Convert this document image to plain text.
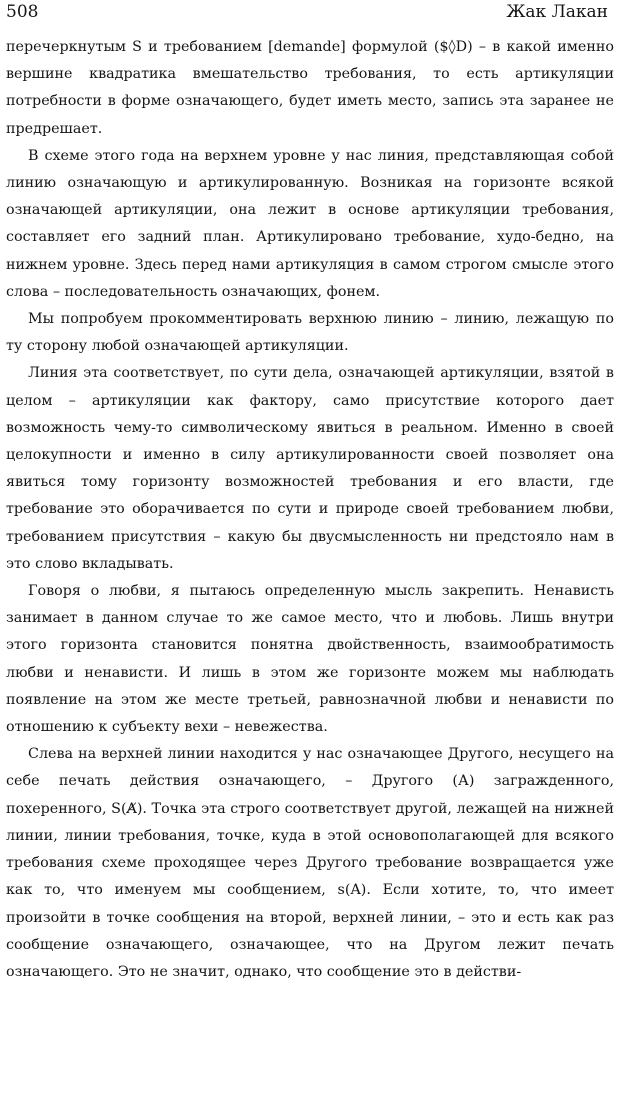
508	Жак Лакан

перечеркнутым S и требованием [demande] формулой ($◊D) – в какой именно вершине квадратика вмешательство требования, то есть артикуляции потребности в форме означающего, будет иметь место, запись эта заранее не предрешает.

В схеме этого года на верхнем уровне у нас линия, представляющая собой линию означающую и артикулированную. Возникая на горизонте всякой означающей артикуляции, она лежит в основе артикуляции требования, составляет его задний план. Артикулировано требование, худо-бедно, на нижнем уровне. Здесь перед нами артикуляция в самом строгом смысле этого слова – последовательность означающих, фонем.

Мы попробуем прокомментировать верхнюю линию – линию, лежащую по ту сторону любой означающей артикуляции.

Линия эта соответствует, по сути дела, означающей артикуляции, взятой в целом – артикуляции как фактору, само присутствие которого дает возможность чему-то символическому явиться в реальном. Именно в своей целокупности и именно в силу артикулированности своей позволяет она явиться тому горизонту возможностей требования и его власти, где требование это оборачивается по сути и природе своей требованием любви, требованием присутствия – какую бы двусмысленность ни предстояло нам в это слово вкладывать.

Говоря о любви, я пытаюсь определенную мысль закрепить. Ненависть занимает в данном случае то же самое место, что и любовь. Лишь внутри этого горизонта становится понятна двойственность, взаимообратимость любви и ненависти. И лишь в этом же горизонте можем мы наблюдать появление на этом же месте третьей, равнозначной любви и ненависти по отношению к субъекту вехи – невежества.

Слева на верхней линии находится у нас означающее Другого, несущего на себе печать действия означающего, – Другого (А) загражденного, похеренного, S(A̸). Точка эта строго соответствует другой, лежащей на нижней линии, линии требования, точке, куда в этой основополагающей для всякого требования схеме проходящее через Другого требование возвращается уже как то, что именуем мы сообщением, s(A). Если хотите, то, что имеет произойти в точке сообщения на второй, верхней линии, – это и есть как раз сообщение означающего, означающее, что на Другом лежит печать означающего. Это не значит, однако, что сообщение это в действи-
